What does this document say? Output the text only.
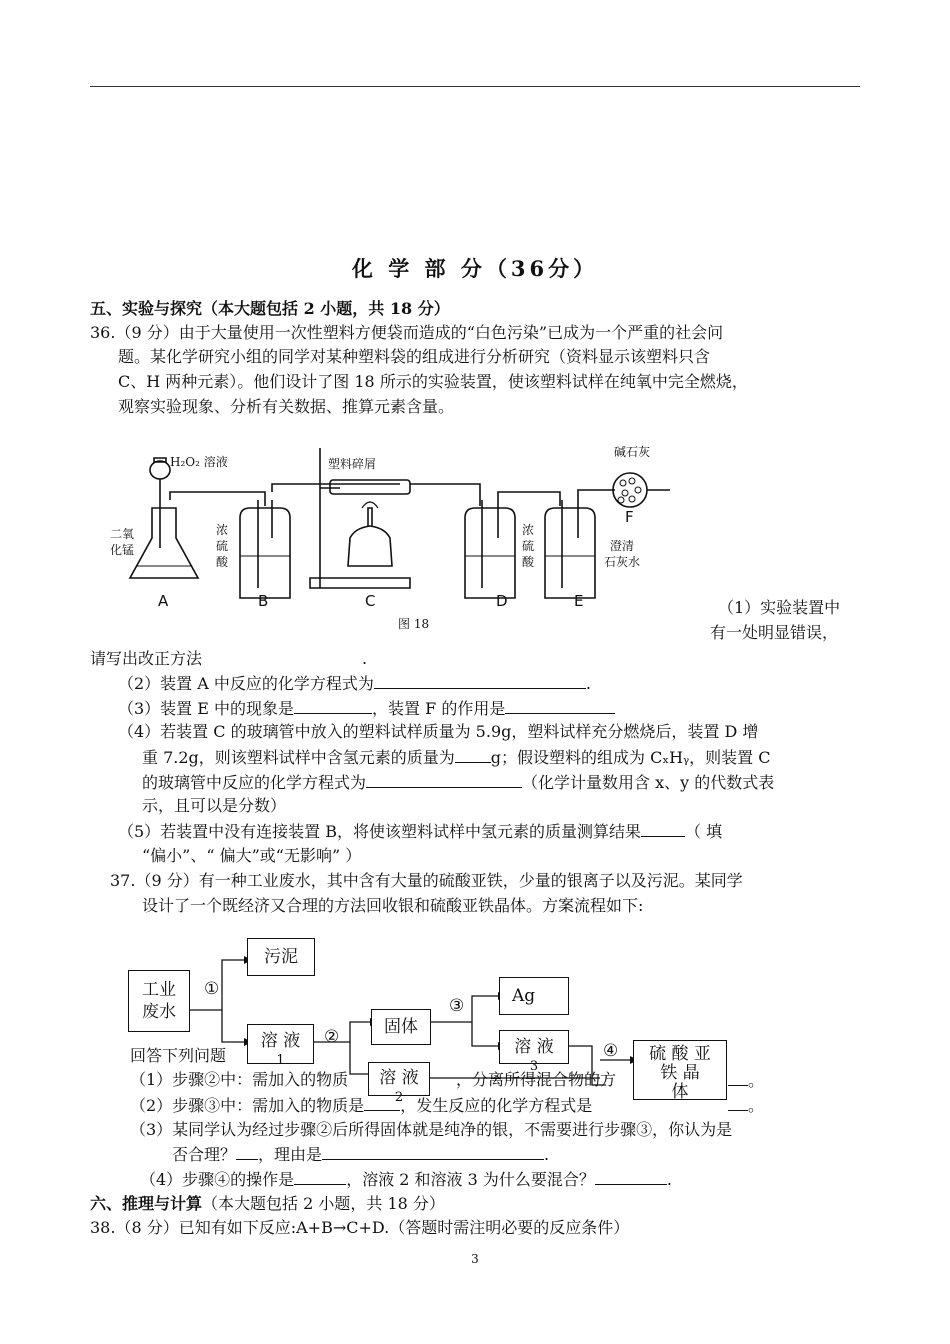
化 学 部 分（36分）
五、实验与探究（本大题包括 2 小题，共 18 分）
36.（9 分）由于大量使用一次性塑料方便袋而造成的“白色污染”已成为一个严重的社会问
题。某化学研究小组的同学对某种塑料袋的组成进行分析研究（资料显示该塑料只含
C、H 两种元素）。他们设计了图 18 所示的实验装置，使该塑料试样在纯氧中完全燃烧，
观察实验现象、分析有关数据、推算元素含量。
H₂O₂ 溶液
二氧
化锰
塑料碎屑
浓
硫
酸
浓
硫
酸
澄清
石灰水
碱石灰
A	B	C	D	E
F
图 18
（1）实验装置中
有一处明显错误，
请写出改正方法	.
（2）装置 A 中反应的化学方程式为	.
（3）装置 E 中的现象是	，装置 F 的作用是
（4）若装置 C 的玻璃管中放入的塑料试样质量为 5.9g，塑料试样充分燃烧后，装置 D 增
重 7.2g，则该塑料试样中含氢元素的质量为 g；假设塑料的组成为 CₓHᵧ，则装置 C
的玻璃管中反应的化学方程式为	（化学计量数用含 x、y 的代数式表
示，且可以是分数）
（5）若装置中没有连接装置 B，将使该塑料试样中氢元素的质量测算结果	（ 填
“偏小”、“ 偏大”或“无影响” ）
37.（9 分）有一种工业废水，其中含有大量的硫酸亚铁，少量的银离子以及污泥。某同学
设计了一个既经济又合理的方法回收银和硫酸亚铁晶体。方案流程如下:
工业
废水
①
污泥
溶 液
1
②	固体
③	Ag
溶 液
3
④	硫 酸 亚
铁 晶
体
回答下列问题
溶 液
2
（1）步骤②中：需加入的物质	，分离所得混合物的方	。
（2）步骤③中：需加入的物质是 ，发生反应的化学方程式是	。
（3）某同学认为经过步骤②后所得固体就是纯净的银，不需要进行步骤③，你认为是
否合理？ ，理由是	.
（4）步骤④的操作是	，溶液 2 和溶液 3 为什么要混合？	.
六、推理与计算（本大题包括 2 小题，共 18 分）
38.（8 分）已知有如下反应:A+B→C+D.（答题时需注明必要的反应条件）
3
